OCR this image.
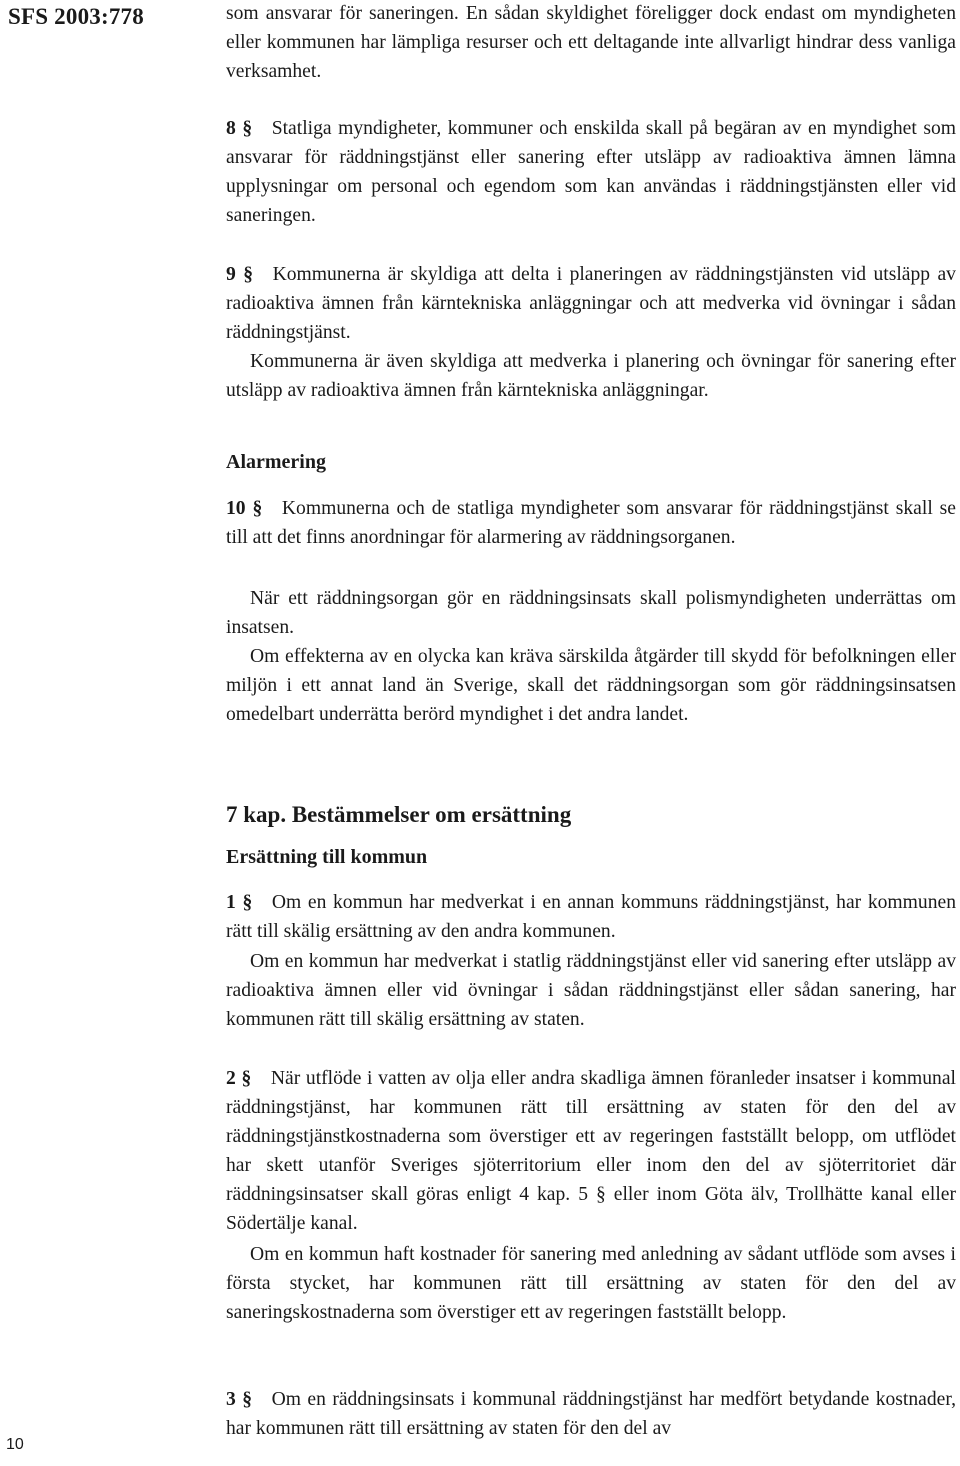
SFS 2003:778	som ansvarar för saneringen. En sådan skyldighet föreligger dock endast om myndigheten eller kommunen har lämpliga resurser och ett deltagande inte allvarligt hindrar dess vanliga verksamhet.
8 §  Statliga myndigheter, kommuner och enskilda skall på begäran av en myndighet som ansvarar för räddningstjänst eller sanering efter utsläpp av radioaktiva ämnen lämna upplysningar om personal och egendom som kan användas i räddningstjänsten eller vid saneringen.
9 §  Kommunerna är skyldiga att delta i planeringen av räddningstjänsten vid utsläpp av radioaktiva ämnen från kärntekniska anläggningar och att medverka vid övningar i sådan räddningstjänst.
Kommunerna är även skyldiga att medverka i planering och övningar för sanering efter utsläpp av radioaktiva ämnen från kärntekniska anläggningar.
Alarmering
10 §  Kommunerna och de statliga myndigheter som ansvarar för räddningstjänst skall se till att det finns anordningar för alarmering av räddningsorganen.
När ett räddningsorgan gör en räddningsinsats skall polismyndigheten underrättas om insatsen.
Om effekterna av en olycka kan kräva särskilda åtgärder till skydd för befolkningen eller miljön i ett annat land än Sverige, skall det räddningsorgan som gör räddningsinsatsen omedelbart underrätta berörd myndighet i det andra landet.
7 kap. Bestämmelser om ersättning
Ersättning till kommun
1 §  Om en kommun har medverkat i en annan kommuns räddningstjänst, har kommunen rätt till skälig ersättning av den andra kommunen.
Om en kommun har medverkat i statlig räddningstjänst eller vid sanering efter utsläpp av radioaktiva ämnen eller vid övningar i sådan räddningstjänst eller sådan sanering, har kommunen rätt till skälig ersättning av staten.
2 §  När utflöde i vatten av olja eller andra skadliga ämnen föranleder insatser i kommunal räddningstjänst, har kommunen rätt till ersättning av staten för den del av räddningstjänstkostnaderna som överstiger ett av regeringen fastställt belopp, om utflödet har skett utanför Sveriges sjöterritorium eller inom den del av sjöterritoriet där räddningsinsatser skall göras enligt 4 kap. 5 § eller inom Göta älv, Trollhätte kanal eller Södertälje kanal.
Om en kommun haft kostnader för sanering med anledning av sådant utflöde som avses i första stycket, har kommunen rätt till ersättning av staten för den del av saneringskostnaderna som överstiger ett av regeringen fastställt belopp.
3 §  Om en räddningsinsats i kommunal räddningstjänst har medfört betydande kostnader, har kommunen rätt till ersättning av staten för den del av
10
